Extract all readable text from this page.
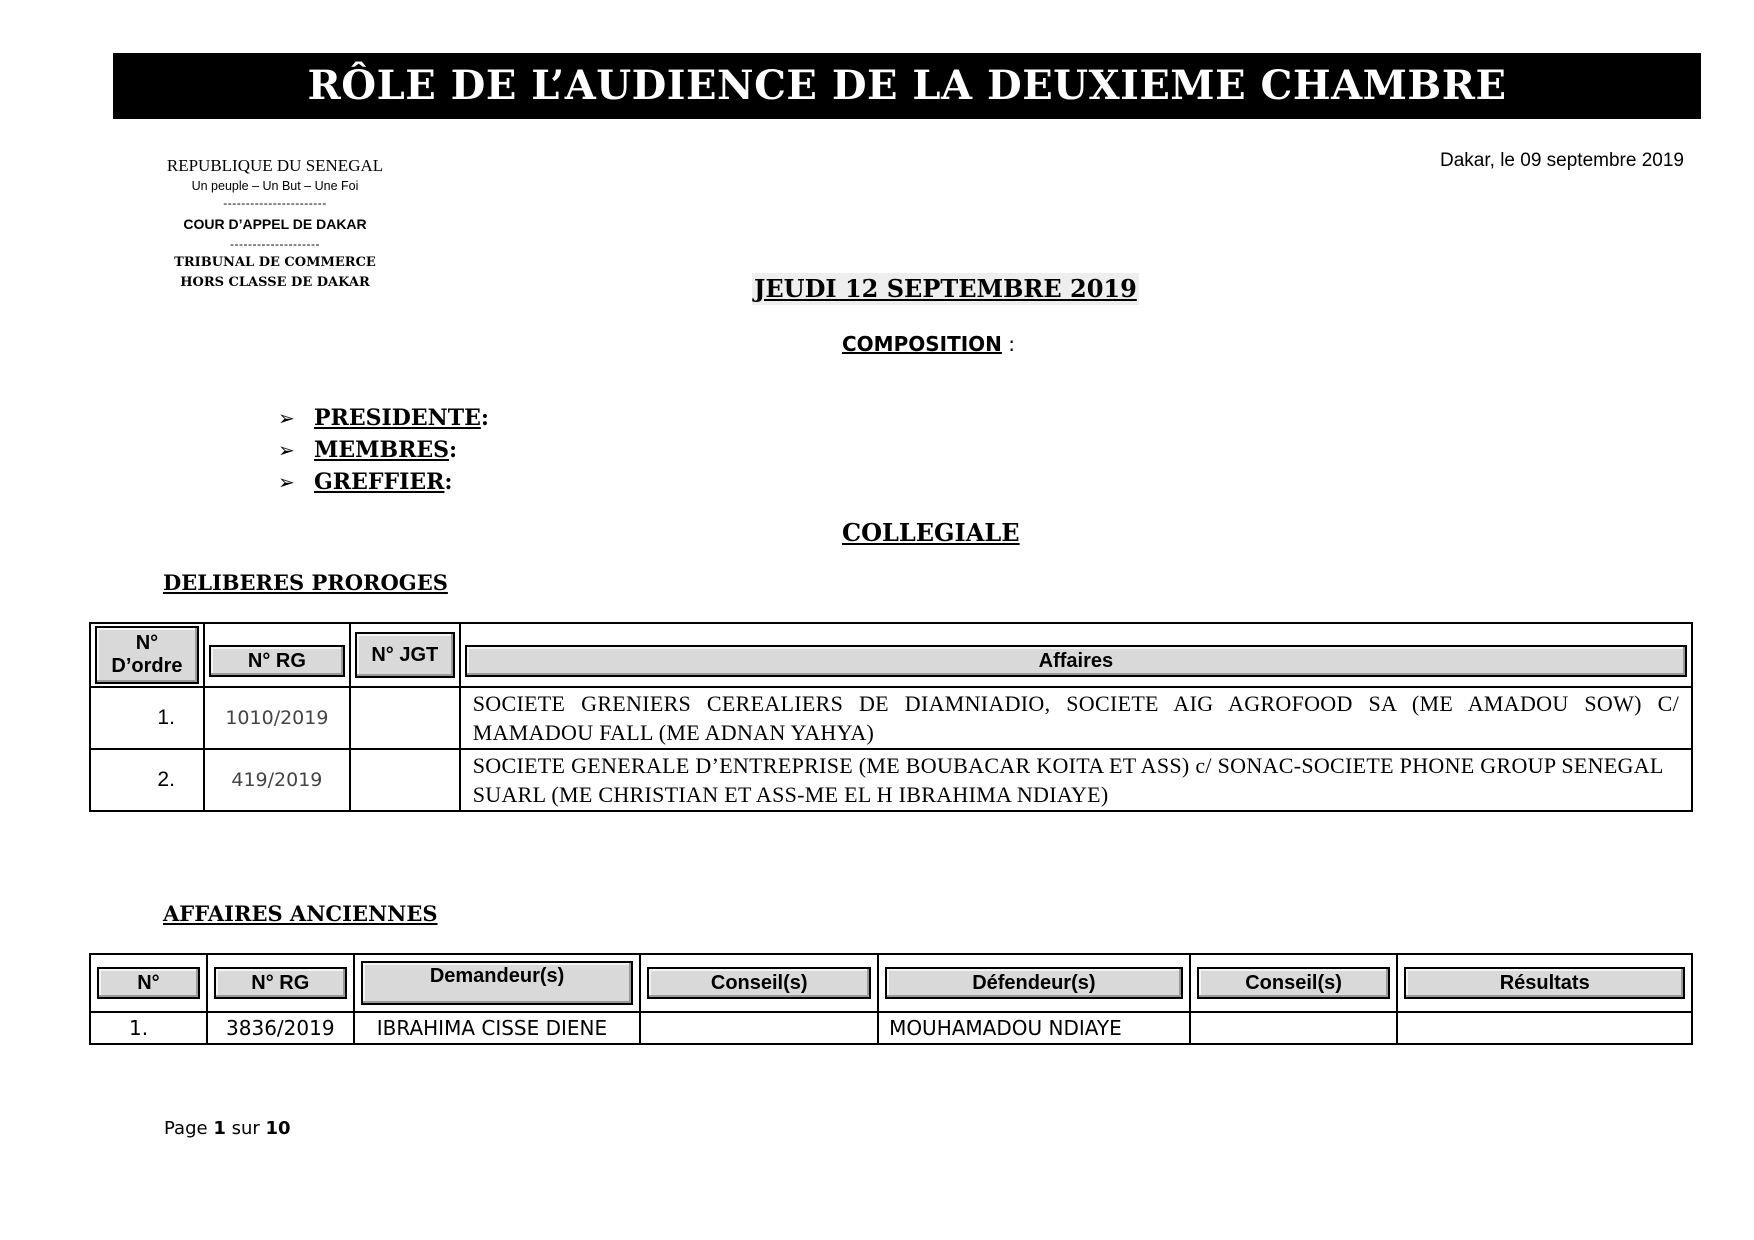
RÔLE DE L’AUDIENCE DE LA DEUXIEME CHAMBRE
REPUBLIQUE DU SENEGAL
Un peuple – Un But – Une Foi
-----------------------
COUR D’APPEL DE DAKAR
--------------------
TRIBUNAL DE COMMERCE
HORS CLASSE DE DAKAR
Dakar, le 09 septembre 2019
JEUDI 12 SEPTEMBRE 2019
COMPOSITION :
➢ PRESIDENTE :
➢ MEMBRES :
➢ GREFFIER :
COLLEGIALE
DELIBERES PROROGES
N°
D’ordre	N° RG	N° JGT	Affaires

1.	1010/2019		SOCIETE GRENIERS CEREALIERS DE DIAMNIADIO, SOCIETE AIG AGROFOOD SA (ME AMADOU SOW) C/ MAMADOU FALL (ME ADNAN YAHYA)
2.	419/2019		SOCIETE GENERALE D’ENTREPRISE (ME BOUBACAR KOITA ET ASS) c/ SONAC-SOCIETE PHONE GROUP SENEGAL SUARL (ME CHRISTIAN ET ASS-ME EL H IBRAHIMA NDIAYE)
AFFAIRES ANCIENNES
N°	N° RG	Demandeur(s)	Conseil(s)	Défendeur(s)	Conseil(s)	Résultats

1.	3836/2019	IBRAHIMA CISSE DIENE		MOUHAMADOU NDIAYE		
Page 1 sur 10
